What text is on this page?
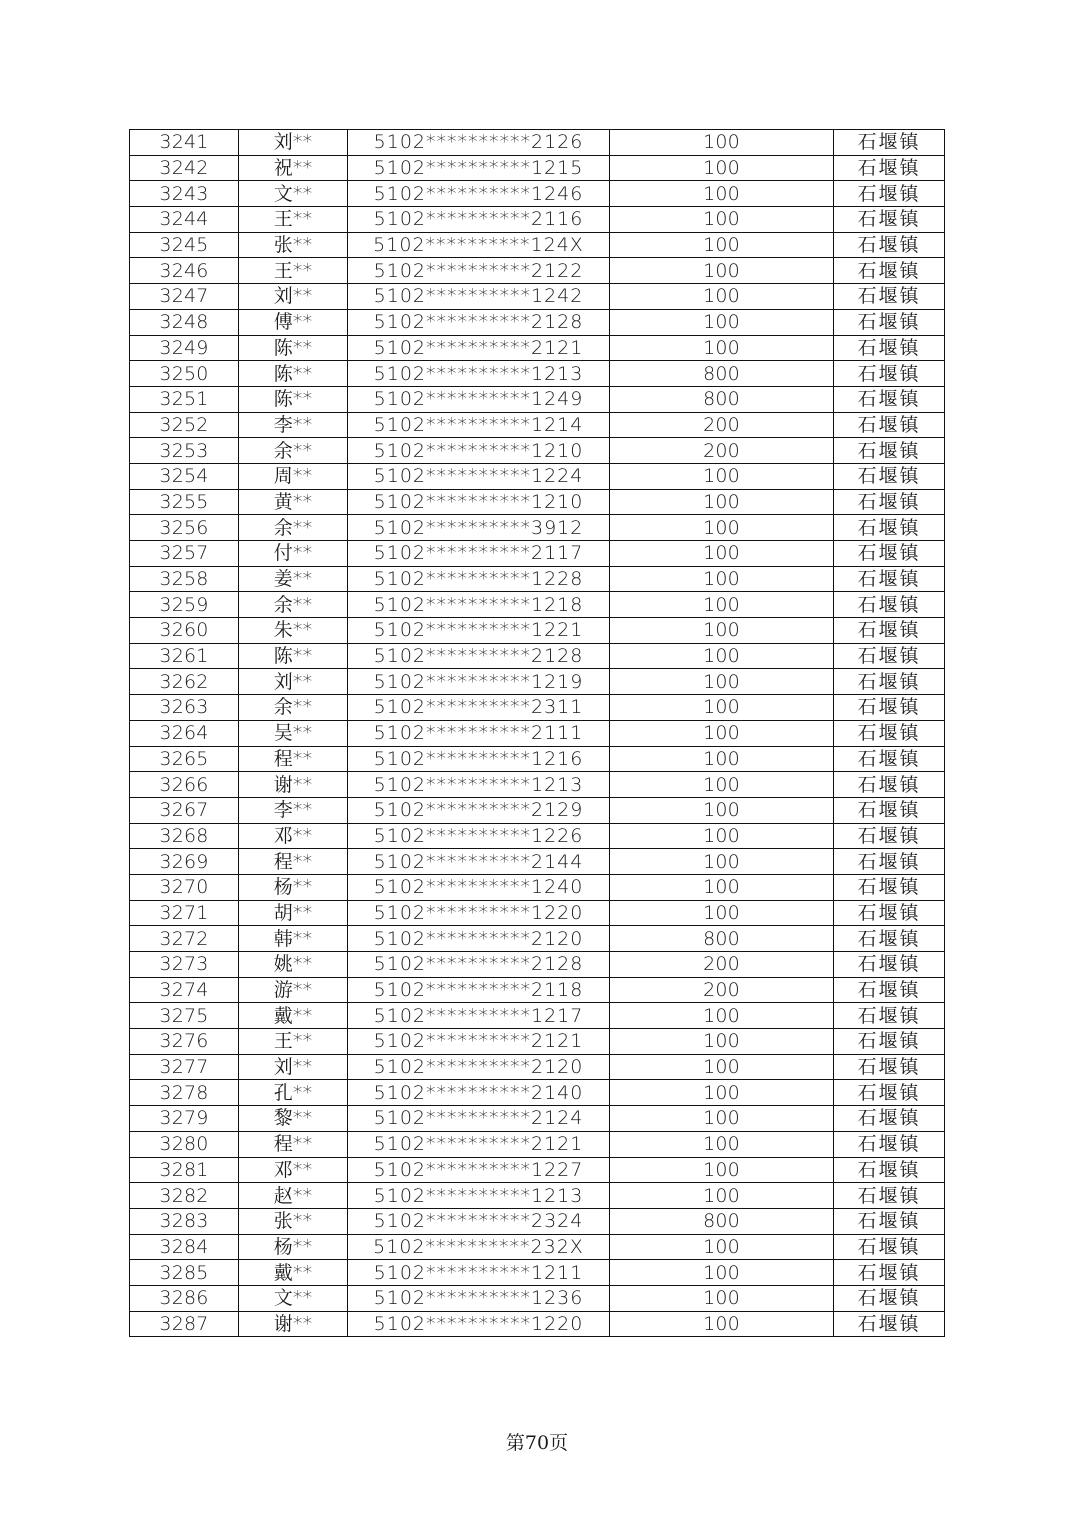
3241	刘**	5102**********2126	100	石堰镇
3242	祝**	5102**********1215	100	石堰镇
3243	文**	5102**********1246	100	石堰镇
3244	王**	5102**********2116	100	石堰镇
3245	张**	5102**********124X	100	石堰镇
3246	王**	5102**********2122	100	石堰镇
3247	刘**	5102**********1242	100	石堰镇
3248	傅**	5102**********2128	100	石堰镇
3249	陈**	5102**********2121	100	石堰镇
3250	陈**	5102**********1213	800	石堰镇
3251	陈**	5102**********1249	800	石堰镇
3252	李**	5102**********1214	200	石堰镇
3253	余**	5102**********1210	200	石堰镇
3254	周**	5102**********1224	100	石堰镇
3255	黄**	5102**********1210	100	石堰镇
3256	余**	5102**********3912	100	石堰镇
3257	付**	5102**********2117	100	石堰镇
3258	姜**	5102**********1228	100	石堰镇
3259	余**	5102**********1218	100	石堰镇
3260	朱**	5102**********1221	100	石堰镇
3261	陈**	5102**********2128	100	石堰镇
3262	刘**	5102**********1219	100	石堰镇
3263	余**	5102**********2311	100	石堰镇
3264	吴**	5102**********2111	100	石堰镇
3265	程**	5102**********1216	100	石堰镇
3266	谢**	5102**********1213	100	石堰镇
3267	李**	5102**********2129	100	石堰镇
3268	邓**	5102**********1226	100	石堰镇
3269	程**	5102**********2144	100	石堰镇
3270	杨**	5102**********1240	100	石堰镇
3271	胡**	5102**********1220	100	石堰镇
3272	韩**	5102**********2120	800	石堰镇
3273	姚**	5102**********2128	200	石堰镇
3274	游**	5102**********2118	200	石堰镇
3275	戴**	5102**********1217	100	石堰镇
3276	王**	5102**********2121	100	石堰镇
3277	刘**	5102**********2120	100	石堰镇
3278	孔**	5102**********2140	100	石堰镇
3279	黎**	5102**********2124	100	石堰镇
3280	程**	5102**********2121	100	石堰镇
3281	邓**	5102**********1227	100	石堰镇
3282	赵**	5102**********1213	100	石堰镇
3283	张**	5102**********2324	800	石堰镇
3284	杨**	5102**********232X	100	石堰镇
3285	戴**	5102**********1211	100	石堰镇
3286	文**	5102**********1236	100	石堰镇
3287	谢**	5102**********1220	100	石堰镇
第70页
